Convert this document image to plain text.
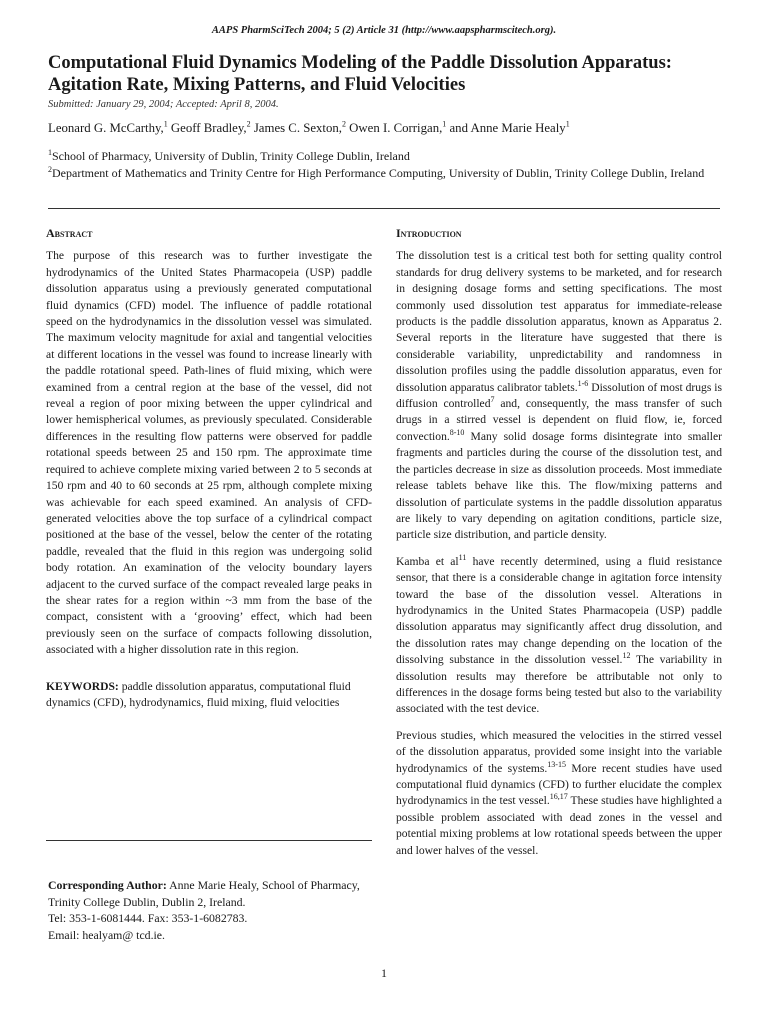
AAPS PharmSciTech 2004; 5 (2) Article 31 (http://www.aapspharmscitech.org).
Computational Fluid Dynamics Modeling of the Paddle Dissolution Apparatus:
Agitation Rate, Mixing Patterns, and Fluid Velocities
Submitted: January 29, 2004; Accepted: April 8, 2004.
Leonard G. McCarthy,$^1$ Geoff Bradley,$^2$ James C. Sexton,$^2$ Owen I. Corrigan,$^1$ and Anne Marie Healy$^1$
$^1$School of Pharmacy, University of Dublin, Trinity College Dublin, Ireland
$^2$Department of Mathematics and Trinity Centre for High Performance Computing, University of Dublin, Trinity College Dublin, Ireland
Abstract
The purpose of this research was to further investigate the hydrodynamics of the United States Pharmacopeia (USP) paddle dissolution apparatus using a previously generated computational fluid dynamics (CFD) model. The influence of paddle rotational speed on the hydrodynamics in the dissolution vessel was simulated. The maximum velocity magnitude for axial and tangential velocities at different locations in the vessel was found to increase linearly with the paddle rotational speed. Path-lines of fluid mixing, which were examined from a central region at the base of the vessel, did not reveal a region of poor mixing between the upper cylindrical and lower hemispherical volumes, as previously speculated. Considerable differences in the resulting flow patterns were observed for paddle rotational speeds between 25 and 150 rpm. The approximate time required to achieve complete mixing varied between 2 to 5 seconds at 150 rpm and 40 to 60 seconds at 25 rpm, although complete mixing was achievable for each speed examined. An analysis of CFD-generated velocities above the top surface of a cylindrical compact positioned at the base of the vessel, below the center of the rotating paddle, revealed that the fluid in this region was undergoing solid body rotation. An examination of the velocity boundary layers adjacent to the curved surface of the compact revealed large peaks in the shear rates for a region within ~3 mm from the base of the compact, consistent with a ‘grooving’ effect, which had been previously seen on the surface of compacts following dissolution, associated with a higher dissolution rate in this region.
KEYWORDS: paddle dissolution apparatus, computational fluid dynamics (CFD), hydrodynamics, fluid mixing, fluid velocities
Corresponding Author: Anne Marie Healy, School of Pharmacy, Trinity College Dublin, Dublin 2, Ireland.
Tel: 353-1-6081444. Fax: 353-1-6082783.
Email: healyam@ tcd.ie.
Introduction
The dissolution test is a critical test both for setting quality control standards for drug delivery systems to be marketed, and for research in designing dosage forms and setting specifications. The most commonly used dissolution test apparatus for immediate-release products is the paddle dissolution apparatus, known as Apparatus 2. Several reports in the literature have suggested that there is considerable variability, unpredictability and randomness in dissolution profiles using the paddle dissolution apparatus, even for dissolution apparatus calibrator tablets.$^{1-6}$ Dissolution of most drugs is diffusion controlled$^7$ and, consequently, the mass transfer of such drugs in a stirred vessel is dependent on fluid flow, ie, forced convection.$^{8-10}$ Many solid dosage forms disintegrate into smaller fragments and particles during the course of the dissolution test, and the particles decrease in size as dissolution proceeds. Most immediate release tablets behave like this. The flow/mixing patterns and dissolution of particulate systems in the paddle dissolution apparatus are likely to vary depending on agitation conditions, particle size, particle size distribution, and particle density.
Kamba et $al^{11}$ have recently determined, using a fluid resistance sensor, that there is a considerable change in agitation force intensity toward the base of the dissolution vessel. Alterations in hydrodynamics in the United States Pharmacopeia (USP) paddle dissolution apparatus may significantly affect drug dissolution, and the dissolution rates may change depending on the location of the dissolving substance in the dissolution vessel.$^{12}$ The variability in dissolution results may therefore be attributable not only to differences in the dosage forms being tested but also to the variability associated with the test device.
Previous studies, which measured the velocities in the stirred vessel of the dissolution apparatus, provided some insight into the variable hydrodynamics of the systems.$^{13-15}$ More recent studies have used computational fluid dynamics (CFD) to further elucidate the complex hydrodynamics in the test vessel.$^{16,17}$ These studies have highlighted a possible problem associated with dead zones in the vessel and potential mixing problems at low rotational speeds between the upper and lower halves of the vessel.
1
